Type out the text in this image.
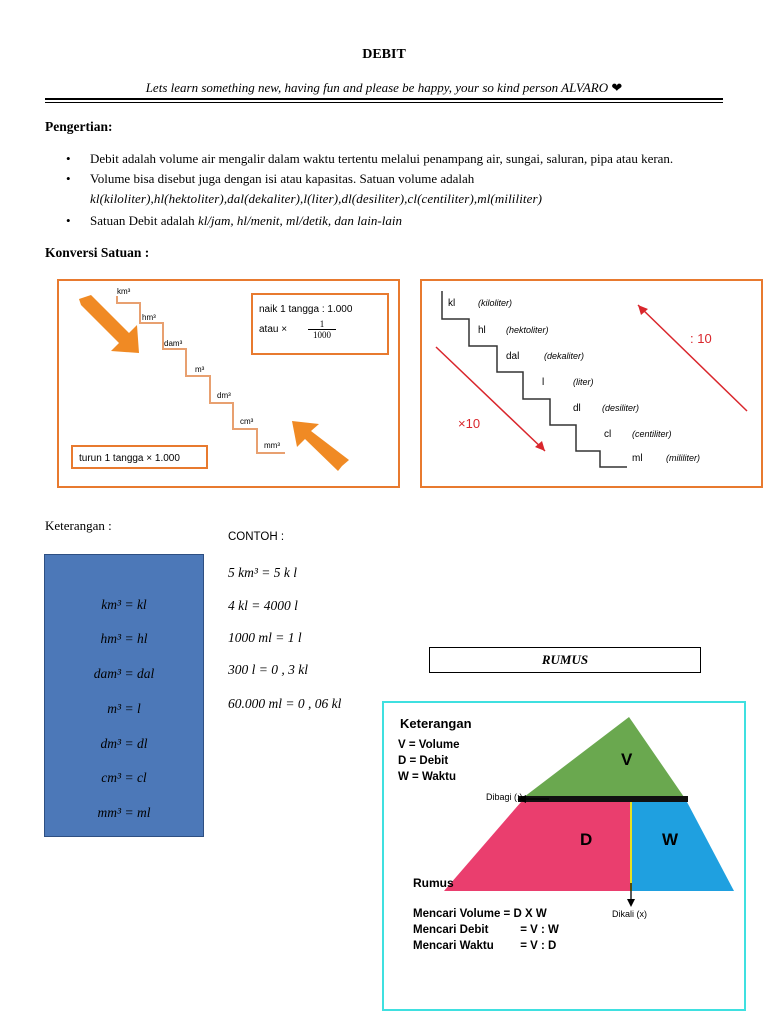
DEBIT
Lets learn something new, having fun and please be happy, your so kind person ALVARO ❤
Pengertian:
• Debit adalah volume air mengalir dalam waktu tertentu melalui penampang air, sungai, saluran, pipa atau keran.
• Volume bisa disebut juga dengan isi atau kapasitas. Satuan volume adalah
kl(kiloliter),hl(hektoliter),dal(dekaliter),l(liter),dl(desiliter),cl(centiliter),ml(mililiter)
• Satuan Debit adalah kl/jam, hl/menit, ml/detik, dan lain-lain
Konversi Satuan :
km³
hm³
dam³
m³
dm³
cm³
mm³
naik 1 tangga : 1.000
atau × $\frac{1}{1000}$
turun 1 tangga × 1.000
kl	(kiloliter)
hl (hektoliter)
dal	(dekaliter)
l	(liter)
dl (desiliter)
cl (centiliter)
ml	(mililiter)
×10
: 10
Keterangan :
km³ = kl
hm³ = hl
dam³ = dal
m³ = l
dm³ = dl
cm³ = cl
mm³ = ml
CONTOH :
5 km³ = 5 k l
4 kl = 4000 l
1000 ml = 1 l
300 l = 0 , 3 kl
60.000 ml = 0 , 06 kl
RUMUS
Keterangan
V = Volume
D = Debit
W = Waktu
V
D	W
Dibagi (:)
Dikali (x)
Rumus
Mencari Volume = D X W
Mencari Debit	= V : W
Mencari Waktu = V : D
